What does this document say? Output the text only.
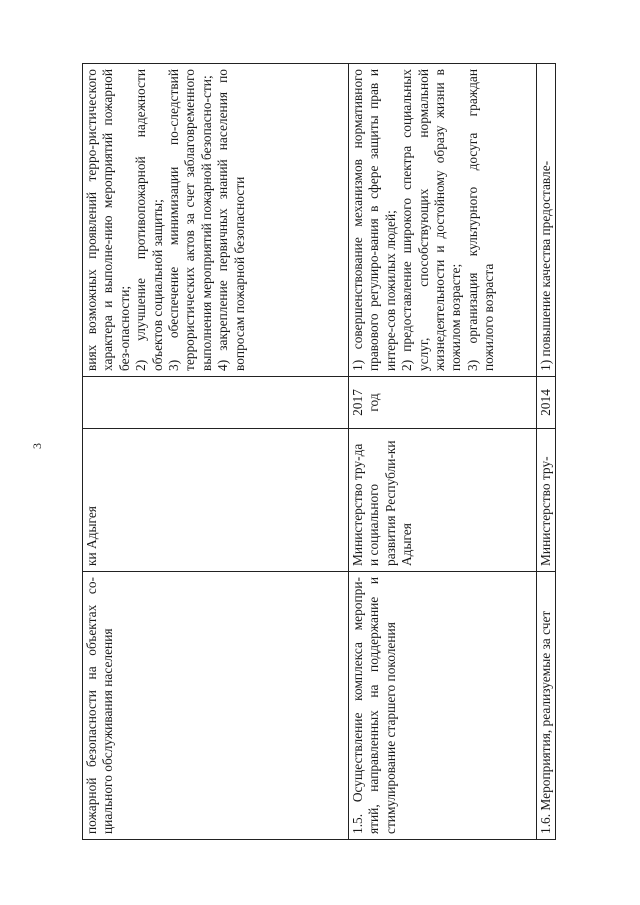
3
пожарной безопасности на объектах со-циального обслуживания населения	ки Адыгея		виях возможных проявлений терро-ристического характера и выполне-нию мероприятий пожарной без-опасности; 2) улучшение противопожарной надежности объектов социальной защиты; 3) обеспечение минимизации по-следствий террористических актов за счет заблаговременного выполнения мероприятий пожарной безопасно-сти; 4) закрепление первичных знаний населения по вопросам пожарной безопасности

1.5. Осуществление комплекса меропри-ятий, направленных на поддержание и стимулирование старшего поколения	Министерство тру-да и социального развития Республи-ки Адыгея	2017 год	1) совершенствование механизмов нормативного правового регулиро-вания в сфере защиты прав и интере-сов пожилых людей; 2) предоставление широкого спектра социальных услуг, способствующих нормальной жизнедеятельности и достойному образу жизни в пожилом возрасте; 3) организация культурного досуга граждан пожилого возраста

1.6. Мероприятия, реализуемые за счет	Министерство тру-	2014	1) повышение качества предоставле-
